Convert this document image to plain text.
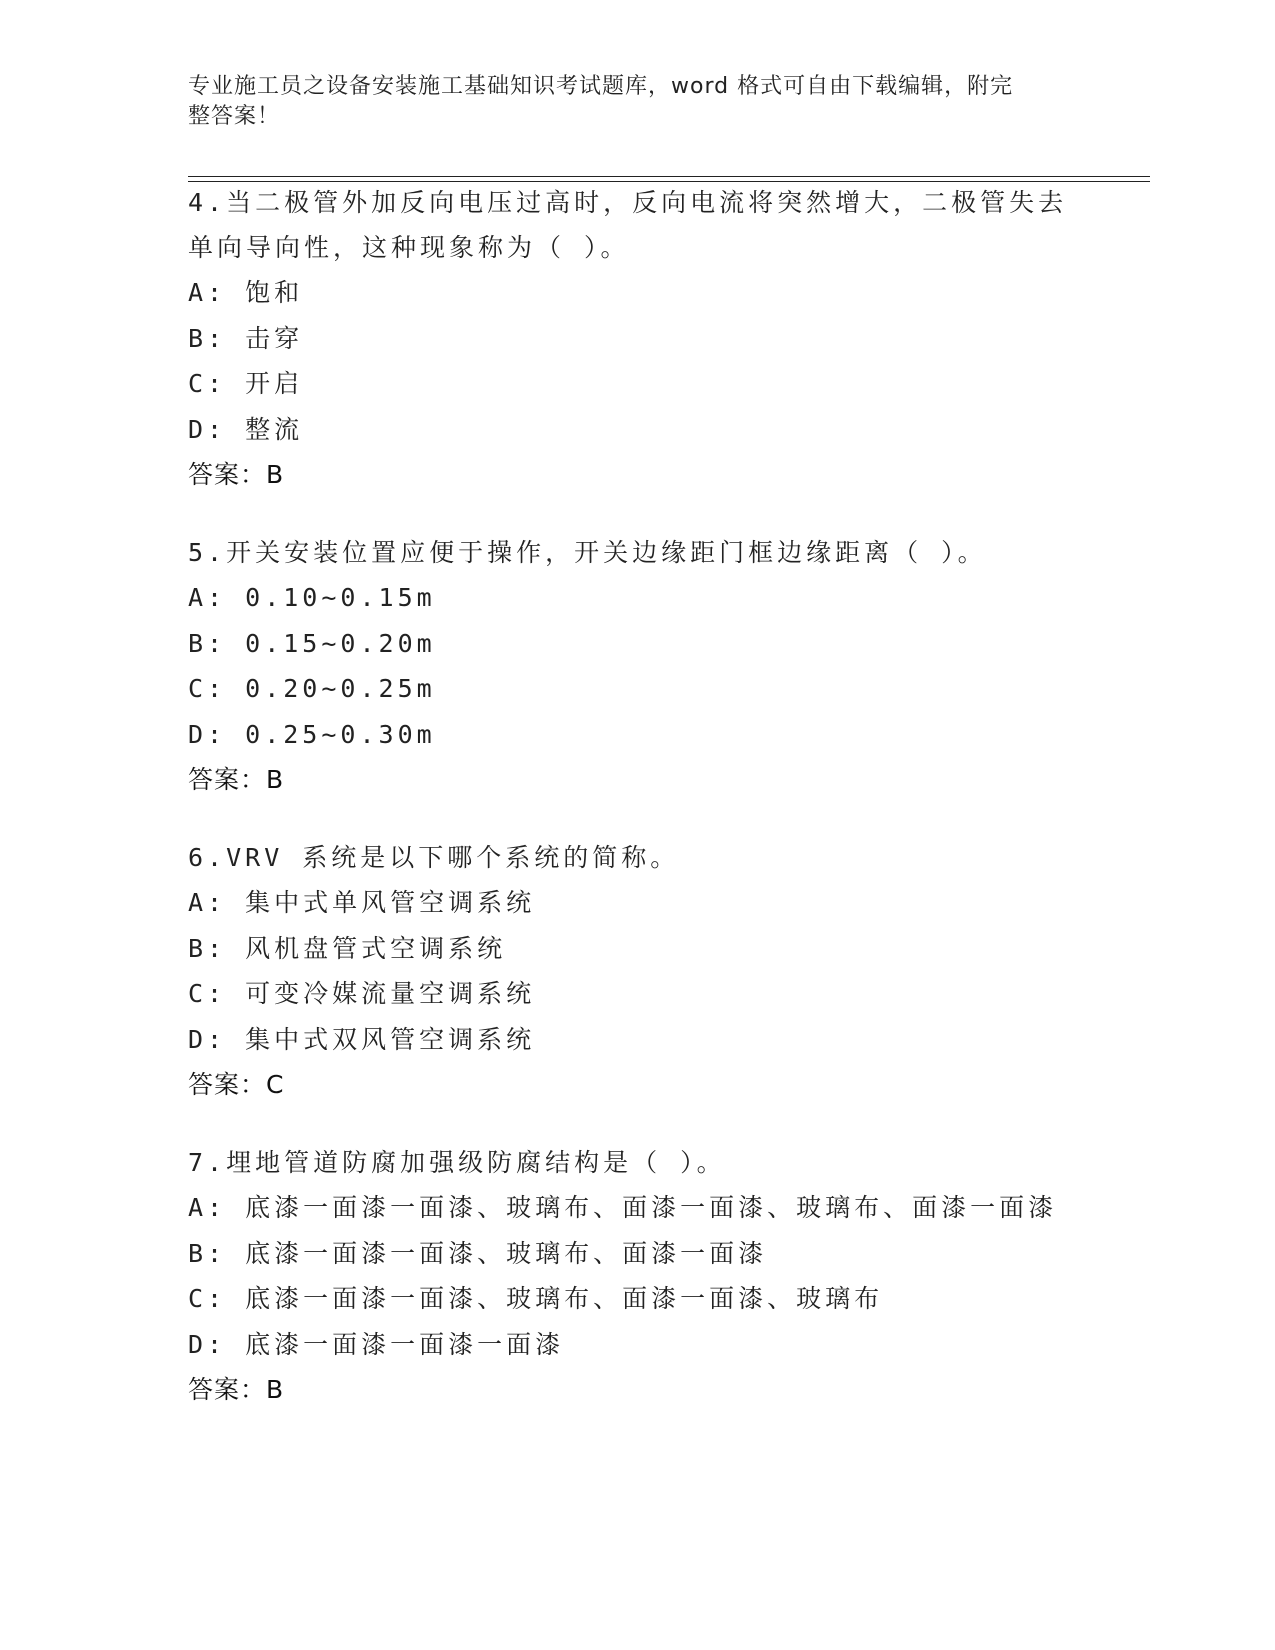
专业施工员之设备安装施工基础知识考试题库，word 格式可自由下载编辑，附完
整答案！
4.当二极管外加反向电压过高时，反向电流将突然增大，二极管失去
单向导向性，这种现象称为（ ）。
A: 饱和
B: 击穿
C: 开启
D: 整流
答案：B
5.开关安装位置应便于操作，开关边缘距门框边缘距离（ ）。
A: 0.10~0.15m
B: 0.15~0.20m
C: 0.20~0.25m
D: 0.25~0.30m
答案：B
6.VRV 系统是以下哪个系统的简称。
A: 集中式单风管空调系统
B: 风机盘管式空调系统
C: 可变冷媒流量空调系统
D: 集中式双风管空调系统
答案：C
7.埋地管道防腐加强级防腐结构是（ ）。
A: 底漆一面漆一面漆、玻璃布、面漆一面漆、玻璃布、面漆一面漆
B: 底漆一面漆一面漆、玻璃布、面漆一面漆
C: 底漆一面漆一面漆、玻璃布、面漆一面漆、玻璃布
D: 底漆一面漆一面漆一面漆
答案：B
